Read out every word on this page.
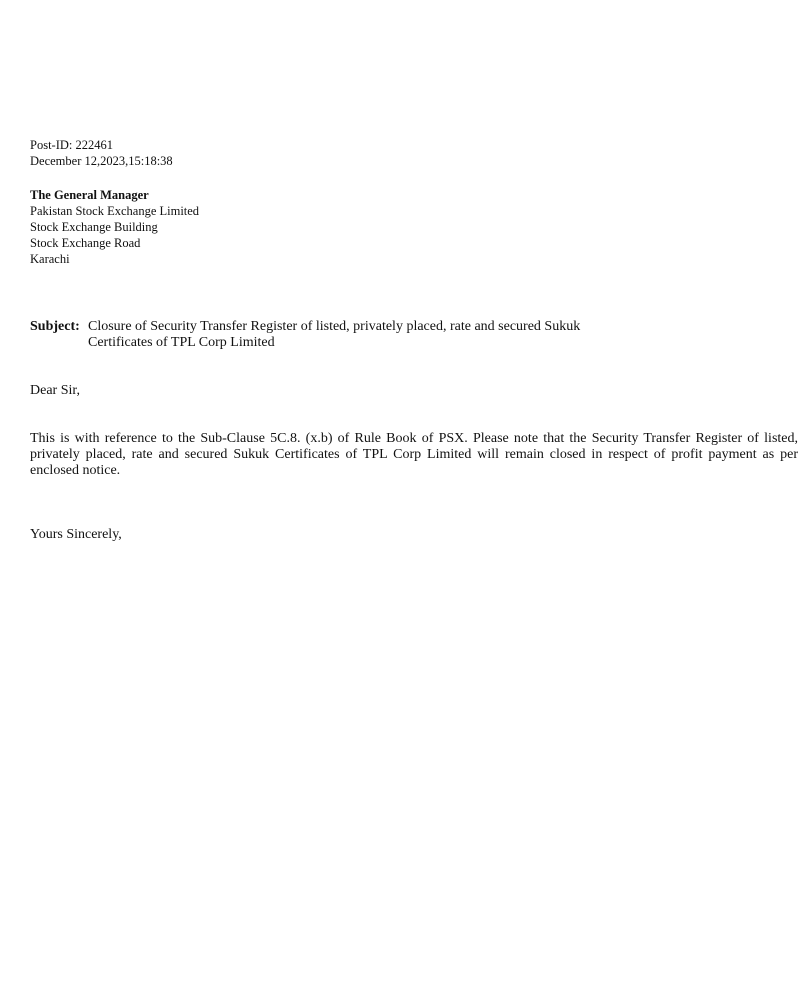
Post-ID: 222461
December 12,2023,15:18:38
The General Manager
Pakistan Stock Exchange Limited
Stock Exchange Building
Stock Exchange Road
Karachi
Subject: Closure of Security Transfer Register of listed, privately placed, rate and secured Sukuk
Certificates of TPL Corp Limited
Dear Sir,
This is with reference to the Sub-Clause 5C.8. (x.b) of Rule Book of PSX. Please note that the Security Transfer Register of listed, privately placed, rate and secured Sukuk Certificates of TPL Corp Limited will remain closed in respect of profit payment as per enclosed notice.
Yours Sincerely,
